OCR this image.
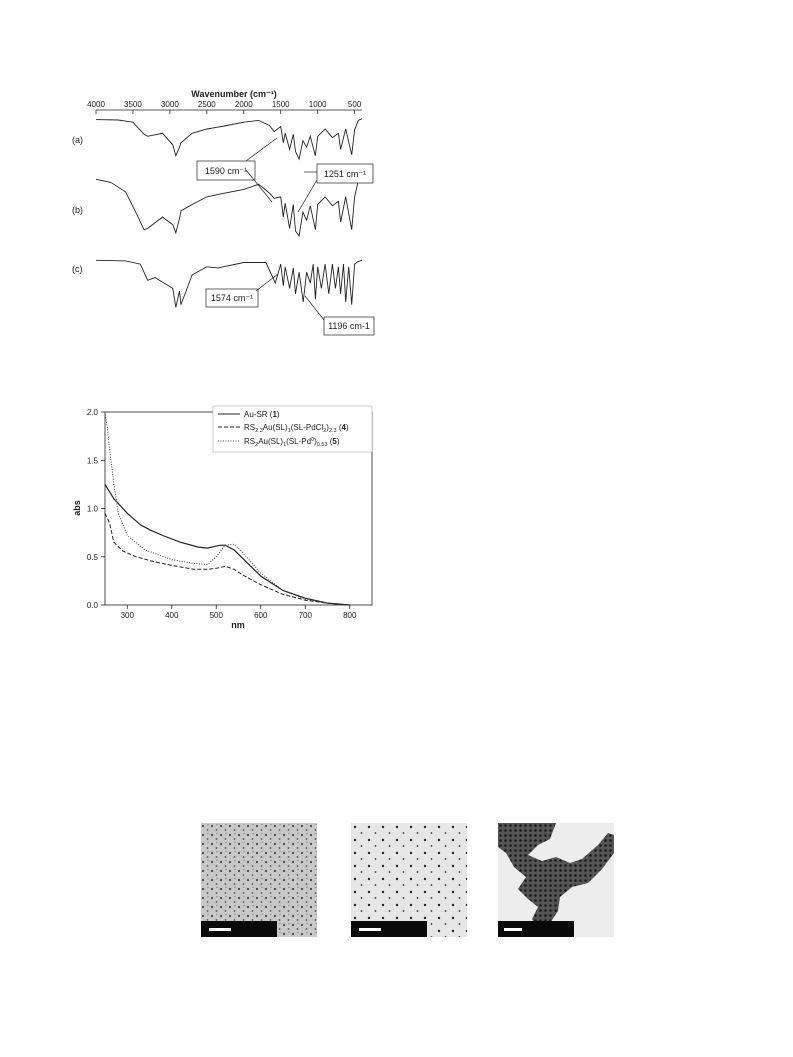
4000 3500 3000 2500 2000 1500 1000	500
Wavenumber (cm⁻¹)
(a)
(b)
(c)
1590 cm⁻¹	1251 cm⁻¹
1574 cm⁻¹
1196 cm-1
300	400	500	600	700	800
0.0
0.5
1.0
1.5
2.0
nm
abs
Au-SR (1)
$RS_{2.3}Au(SL)_1(SL-PdCl_2)_{2.3}$ (4)
$RS_2Au(SL)_1(SL-Pd^0)_{0.53}$ (5)
